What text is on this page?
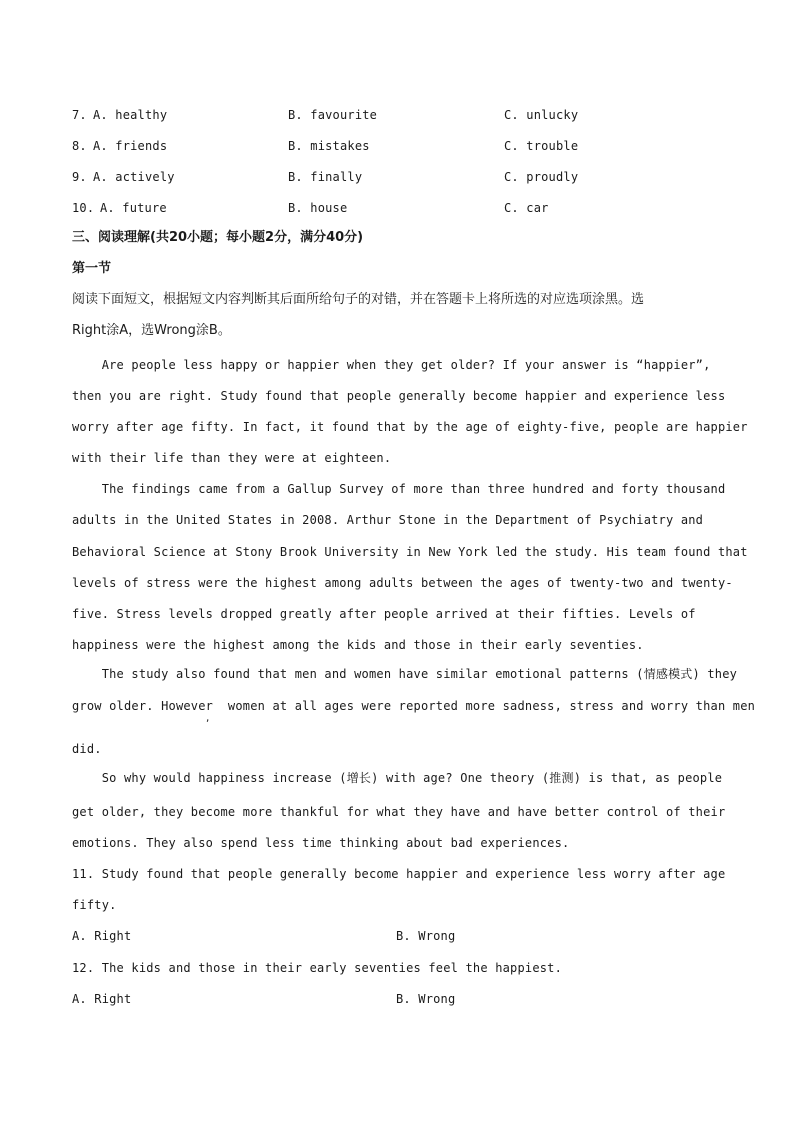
7. A. healthy	B. favourite	C. unlucky
8. A. friends	B. mistakes	C. trouble
9. A. actively	B. finally	C. proudly
10. A. future	B. house	C. car
三、阅读理解(共20小题；每小题2分，满分40分)
第一节
阅读下面短文，根据短文内容判断其后面所给句子的对错，并在答题卡上将所选的对应选项涂黑。选
Right涂A，选Wrong涂B。
Are people less happy or happier when they get older? If your answer is “happier”,
then you are right. Study found that people generally become happier and experience less
worry after age fifty. In fact, it found that by the age of eighty-five, people are happier
with their life than they were at eighteen.
The findings came from a Gallup Survey of more than three hundred and forty thousand
adults in the United States in 2008. Arthur Stone in the Department of Psychiatry and
Behavioral Science at Stony Brook University in New York led the study. His team found that
levels of stress were the highest among adults between the ages of twenty-two and twenty-
five. Stress levels dropped greatly after people arrived at their fifties. Levels of
happiness were the highest among the kids and those in their early seventies.
The study also found that men and women have similar emotional patterns (情感模式) they
grow older. However  women at all ages were reported more sadness, stress and worry than men
,
did.
So why would happiness increase (增长) with age? One theory (推测) is that, as people
get older, they become more thankful for what they have and have better control of their
emotions. They also spend less time thinking about bad experiences.
11. Study found that people generally become happier and experience less worry after age
fifty.
A. Right	B. Wrong
12. The kids and those in their early seventies feel the happiest.
A. Right	B. Wrong
